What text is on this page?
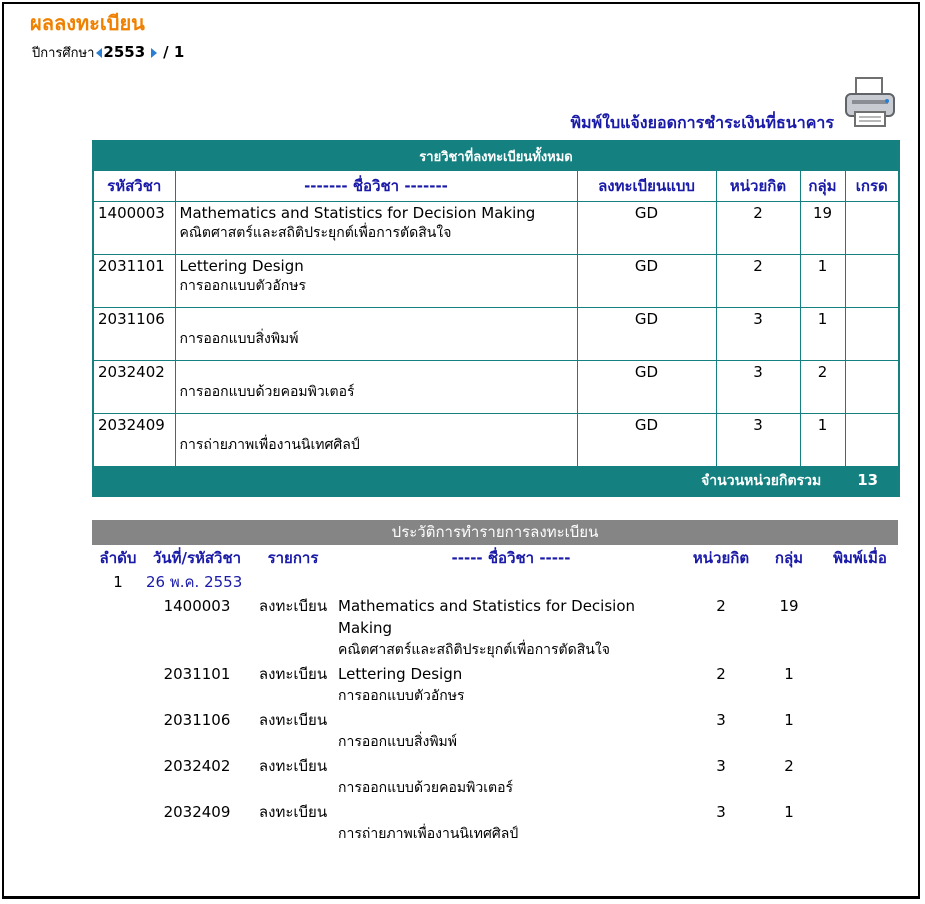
ผลลงทะเบียน
ปีการศึกษา 2553 / 1
พิมพ์ใบแจ้งยอดการชำระเงินที่ธนาคาร
รายวิชาที่ลงทะเบียนทั้งหมด					
รหัสวิชา	------- ชื่อวิชา -------	ลงทะเบียนแบบ	หน่วยกิต	กลุ่ม	เกรด
1400003	Mathematics and Statistics for Decision Making
คณิตศาสตร์และสถิติประยุกต์เพื่อการตัดสินใจ	GD	2	19	
2031101	Lettering Design
การออกแบบตัวอักษร	GD	2	1	
2031106	การออกแบบสิ่งพิมพ์	GD	3	1	
2032402	การออกแบบด้วยคอมพิวเตอร์	GD	3	2	
2032409	การถ่ายภาพเพื่องานนิเทศศิลป์	GD	3	1	
จำนวนหน่วยกิตรวม 13					
ประวัติการทำรายการลงทะเบียน
ลำดับ	วันที่/รหัสวิชา	รายการ	----- ชื่อวิชา -----	หน่วยกิต	กลุ่ม	พิมพ์เมื่อ
1	26 พ.ค. 2553					
	1400003	ลงทะเบียน	Mathematics and Statistics for Decision Making
คณิตศาสตร์และสถิติประยุกต์เพื่อการตัดสินใจ	2	19	
	2031101	ลงทะเบียน	Lettering Design
การออกแบบตัวอักษร	2	1	
	2031106	ลงทะเบียน	การออกแบบสิ่งพิมพ์	3	1	
	2032402	ลงทะเบียน	การออกแบบด้วยคอมพิวเตอร์	3	2	
	2032409	ลงทะเบียน	การถ่ายภาพเพื่องานนิเทศศิลป์	3	1	
